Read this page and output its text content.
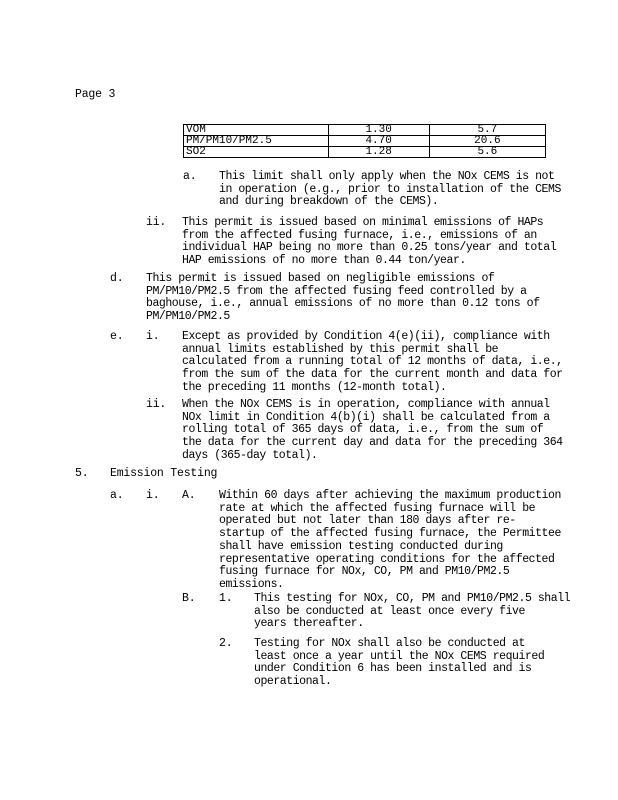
Page 3
VOM	1.30	5.7
PM/PM10/PM2.5	4.70	20.6
SO2	1.28	5.6
a. This limit shall only apply when the NOx CEMS is not
in operation (e.g., prior to installation of the CEMS
and during breakdown of the CEMS).
ii. This permit is issued based on minimal emissions of HAPs
from the affected fusing furnace, i.e., emissions of an
individual HAP being no more than 0.25 tons/year and total
HAP emissions of no more than 0.44 ton/year.
d. This permit is issued based on negligible emissions of
PM/PM10/PM2.5 from the affected fusing feed controlled by a
baghouse, i.e., annual emissions of no more than 0.12 tons of
PM/PM10/PM2.5
e. i. Except as provided by Condition 4(e)(ii), compliance with
annual limits established by this permit shall be
calculated from a running total of 12 months of data, i.e.,
from the sum of the data for the current month and data for
the preceding 11 months (12-month total).
ii. When the NOx CEMS is in operation, compliance with annual
NOx limit in Condition 4(b)(i) shall be calculated from a
rolling total of 365 days of data, i.e., from the sum of
the data for the current day and data for the preceding 364
days (365-day total).
5. Emission Testing
a. i. A. Within 60 days after achieving the maximum production
rate at which the affected fusing furnace will be
operated but not later than 180 days after re-
startup of the affected fusing furnace, the Permittee
shall have emission testing conducted during
representative operating conditions for the affected
fusing furnace for NOx, CO, PM and PM10/PM2.5
emissions.
B. 1. This testing for NOx, CO, PM and PM10/PM2.5 shall
also be conducted at least once every five
years thereafter.
2. Testing for NOx shall also be conducted at
least once a year until the NOx CEMS required
under Condition 6 has been installed and is
operational.
